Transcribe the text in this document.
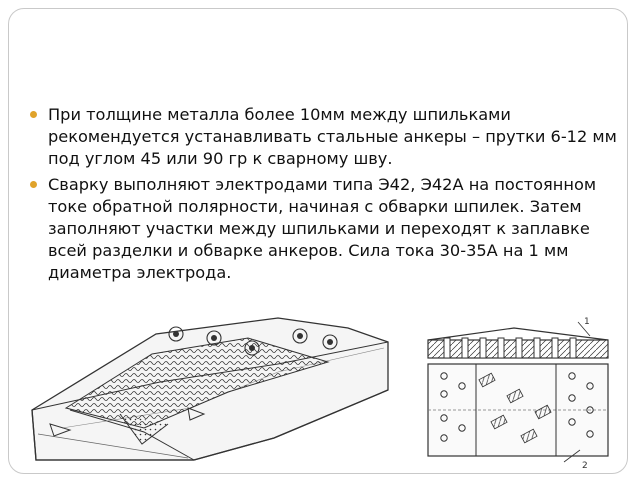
При толщине металла более 10мм между шпильками рекомендуется устанавливать стальные анкеры – прутки 6-12 мм под углом 45 или 90 гр к сварному шву.
Сварку выполняют электродами типа Э42, Э42А на постоянном токе обратной полярности, начиная с обварки шпилек. Затем заполняют участки между шпильками и переходят к заплавке всей разделки и обварке анкеров. Сила тока 30-35А на 1 мм диаметра электрода.
1
2
